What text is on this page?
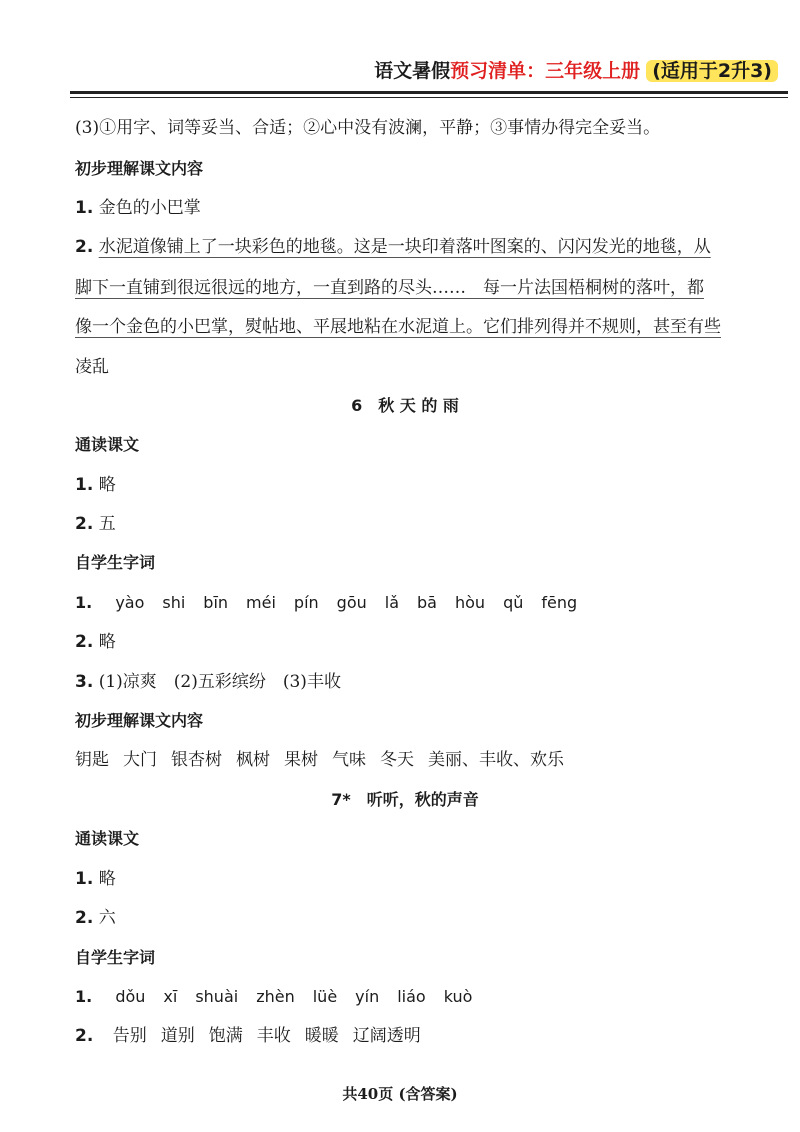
语文暑假预习清单：三年级上册 (适用于2升3)
(3)①用字、词等妥当、合适；②心中没有波澜，平静；③事情办得完全妥当。
初步理解课文内容
1. 金色的小巴掌
2. 水泥道像铺上了一块彩色的地毯。这是一块印着落叶图案的、闪闪发光的地毯，从
脚下一直铺到很远很远的地方，一直到路的尽头……　每一片法国梧桐树的落叶，都
像一个金色的小巴掌，熨帖地、平展地粘在水泥道上。它们排列得并不规则，甚至有些
凌乱
6　秋 天 的 雨
通读课文
1. 略
2. 五
自学生字词
1. yào shi bīn méi pín gōu lǎ bā hòu qǔ fēng
2. 略
3. (1)凉爽　(2)五彩缤纷　(3)丰收
初步理解课文内容
钥匙 大门 银杏树 枫树 果树 气味 冬天 美丽、丰收、欢乐
7*　听听，秋的声音
通读课文
1. 略
2. 六
自学生字词
1. dǒu xī shuài zhèn lüè yín liáo kuò
2. 告别 道别 饱满 丰收 暖暖 辽阔透明
共40页 (含答案)
